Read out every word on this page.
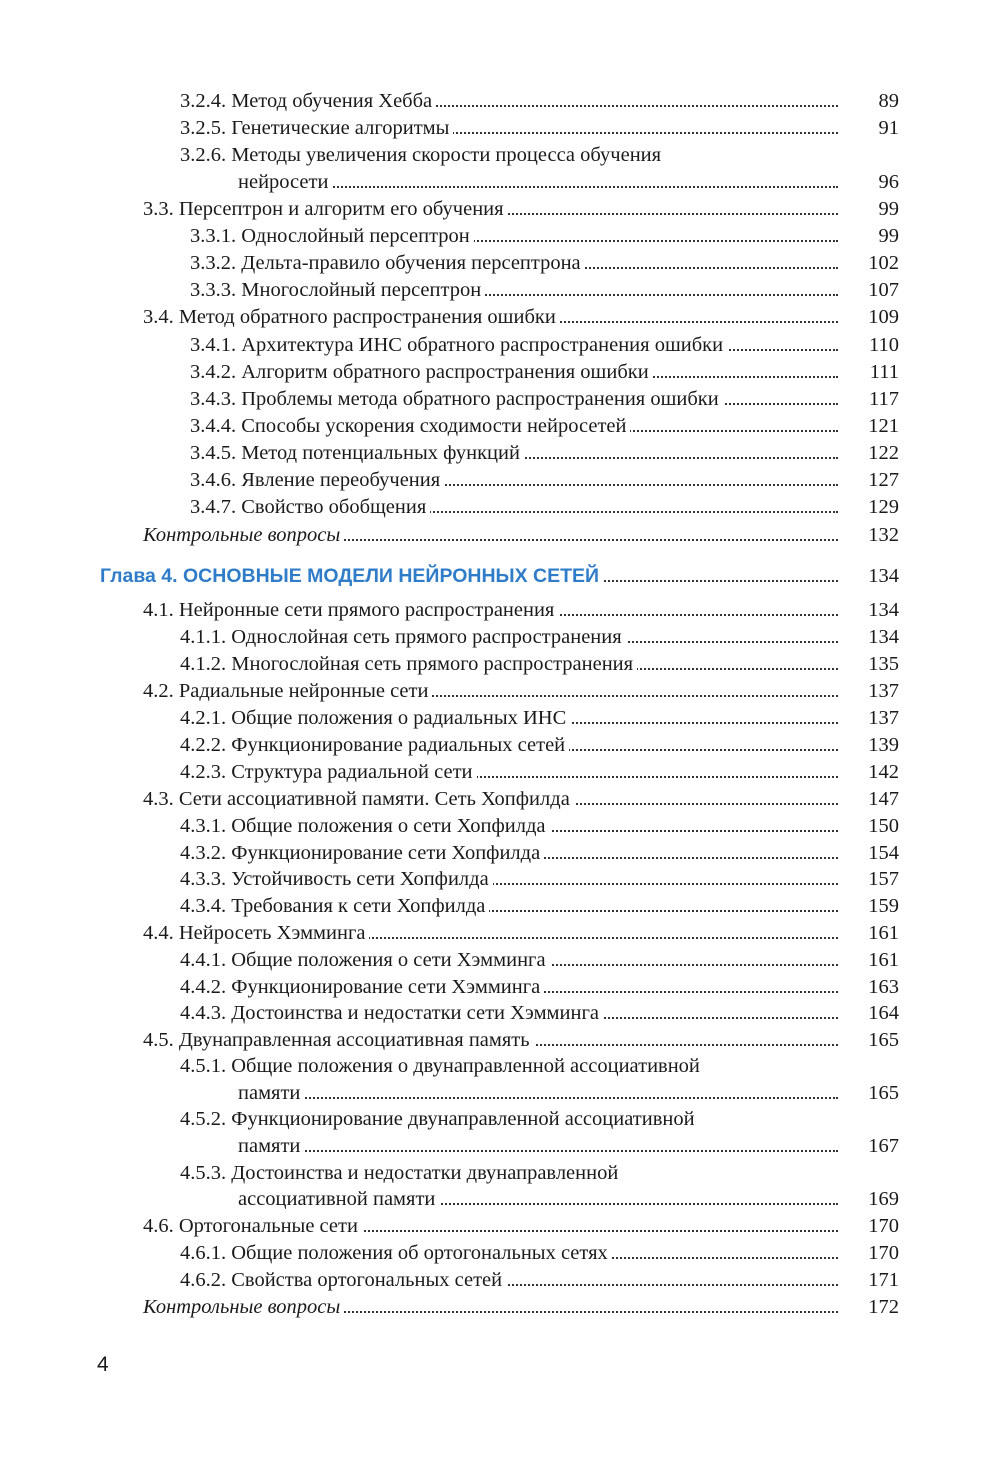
3.2.4. Метод обучения Хебба	89
3.2.5. Генетические алгоритмы	91
3.2.6. Методы увеличения скорости процесса обучения
нейросети	96
3.3. Персептрон и алгоритм его обучения	99
3.3.1. Однослойный персептрон	99
3.3.2. Дельта-правило обучения персептрона	102
3.3.3. Многослойный персептрон	107
3.4. Метод обратного распространения ошибки	109
3.4.1. Архитектура ИНС обратного распространения ошибки	110
3.4.2. Алгоритм обратного распространения ошибки	111
3.4.3. Проблемы метода обратного распространения ошибки	117
3.4.4. Способы ускорения сходимости нейросетей	121
3.4.5. Метод потенциальных функций	122
3.4.6. Явление переобучения	127
3.4.7. Свойство обобщения	129
Контрольные вопросы	132
Глава 4. ОСНОВНЫЕ МОДЕЛИ НЕЙРОННЫХ СЕТЕЙ	134
4.1. Нейронные сети прямого распространения	134
4.1.1. Однослойная сеть прямого распространения	134
4.1.2. Многослойная сеть прямого распространения	135
4.2. Радиальные нейронные сети	137
4.2.1. Общие положения о радиальных ИНС	137
4.2.2. Функционирование радиальных сетей	139
4.2.3. Структура радиальной сети	142
4.3. Сети ассоциативной памяти. Сеть Хопфилда	147
4.3.1. Общие положения о сети Хопфилда	150
4.3.2. Функционирование сети Хопфилда	154
4.3.3. Устойчивость сети Хопфилда	157
4.3.4. Требования к сети Хопфилда	159
4.4. Нейросеть Хэмминга	161
4.4.1. Общие положения о сети Хэмминга	161
4.4.2. Функционирование сети Хэмминга	163
4.4.3. Достоинства и недостатки сети Хэмминга	164
4.5. Двунаправленная ассоциативная память	165
4.5.1. Общие положения о двунаправленной ассоциативной
памяти	165
4.5.2. Функционирование двунаправленной ассоциативной
памяти	167
4.5.3. Достоинства и недостатки двунаправленной
ассоциативной памяти	169
4.6. Ортогональные сети	170
4.6.1. Общие положения об ортогональных сетях	170
4.6.2. Свойства ортогональных сетей	171
Контрольные вопросы	172
4
